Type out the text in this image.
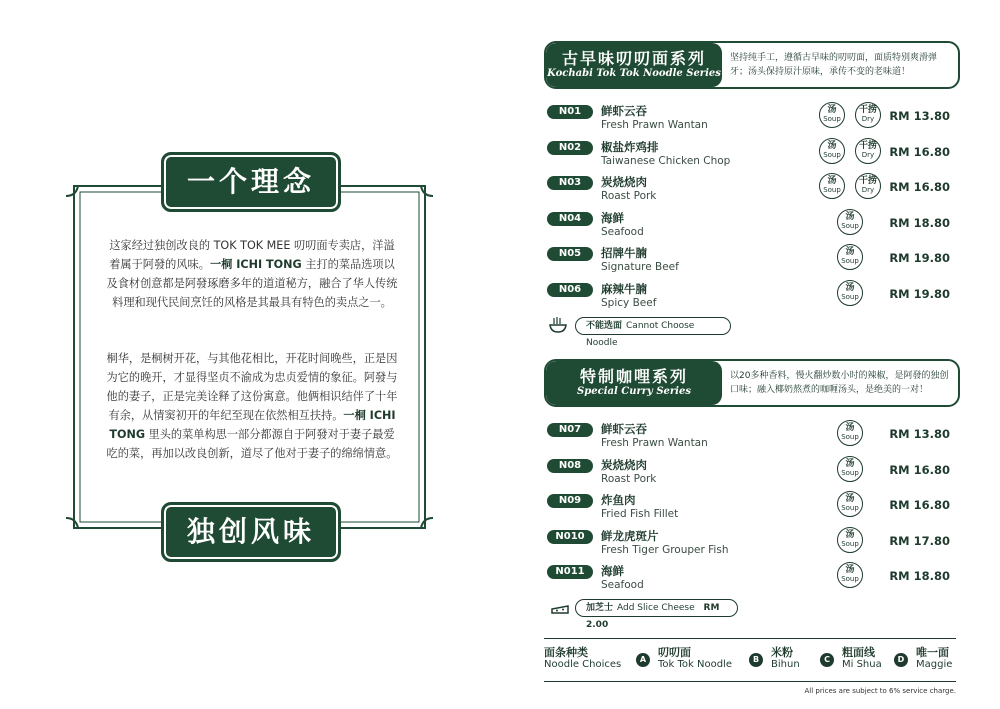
一个理念
独创风味
这家经过独创改良的 TOK TOK MEE 叨叨面专卖店，洋溢着属于阿發的风味。一桐 ICHI TONG 主打的菜品选项以及食材创意都是阿發琢磨多年的道道秘方，融合了华人传统料理和现代民间烹饪的风格是其最具有特色的卖点之一。
桐华，是桐树开花，与其他花相比，开花时间晚些，正是因为它的晚开，才显得坚贞不渝成为忠贞爱情的象征。阿發与他的妻子，正是完美诠释了这份寓意。他俩相识结伴了十年有余，从情窦初开的年纪至现在依然相互扶持。一桐 ICHI TONG 里头的菜单构思一部分都源自于阿發对于妻子最爱吃的菜，再加以改良创新，道尽了他对于妻子的绵绵情意。
古早味叨叨面系列
Kochabi Tok Tok Noodle Series
坚持纯手工，遵循古早味的叨叨面，面质特别爽滑弹牙；汤头保持原汁原味，承传不变的老味道！
N01	鲜虾云吞
Fresh Prawn Wantan
汤
Soup
干捞
Dry	RM 13.80
N02	椒盐炸鸡排
Taiwanese Chicken Chop
汤
Soup
干捞
Dry	RM 16.80
N03	炭烧烧肉
Roast Pork
汤
Soup
干捞
Dry	RM 16.80
N04	海鲜
Seafood
汤
Soup	RM 18.80
N05	招牌牛腩
Signature Beef
汤
Soup	RM 19.80
N06	麻辣牛腩
Spicy Beef
汤
Soup	RM 19.80
不能选面 Cannot Choose Noodle
特制咖哩系列
Special Curry Series
以20多种香料，慢火翻炒数小时的辣椒，是阿發的独创口味；融入椰奶熬煮的咖喱汤头，是绝美的一对！
N07	鲜虾云吞
Fresh Prawn Wantan
汤
Soup	RM 13.80
N08	炭烧烧肉
Roast Pork
汤
Soup	RM 16.80
N09	炸鱼肉
Fried Fish Fillet
汤
Soup	RM 16.80
N010	鲜龙虎斑片
Fresh Tiger Grouper Fish
汤
Soup	RM 17.80
N011	海鲜
Seafood
汤
Soup	RM 18.80
加芝士 Add Slice Cheese RM 2.00
面条种类
Noodle Choices	A
叨叨面
Tok Tok Noodle	B
米粉
Bihun	C
粗面线
Mi Shua	D
唯一面
Maggie
All prices are subject to 6% service charge.
